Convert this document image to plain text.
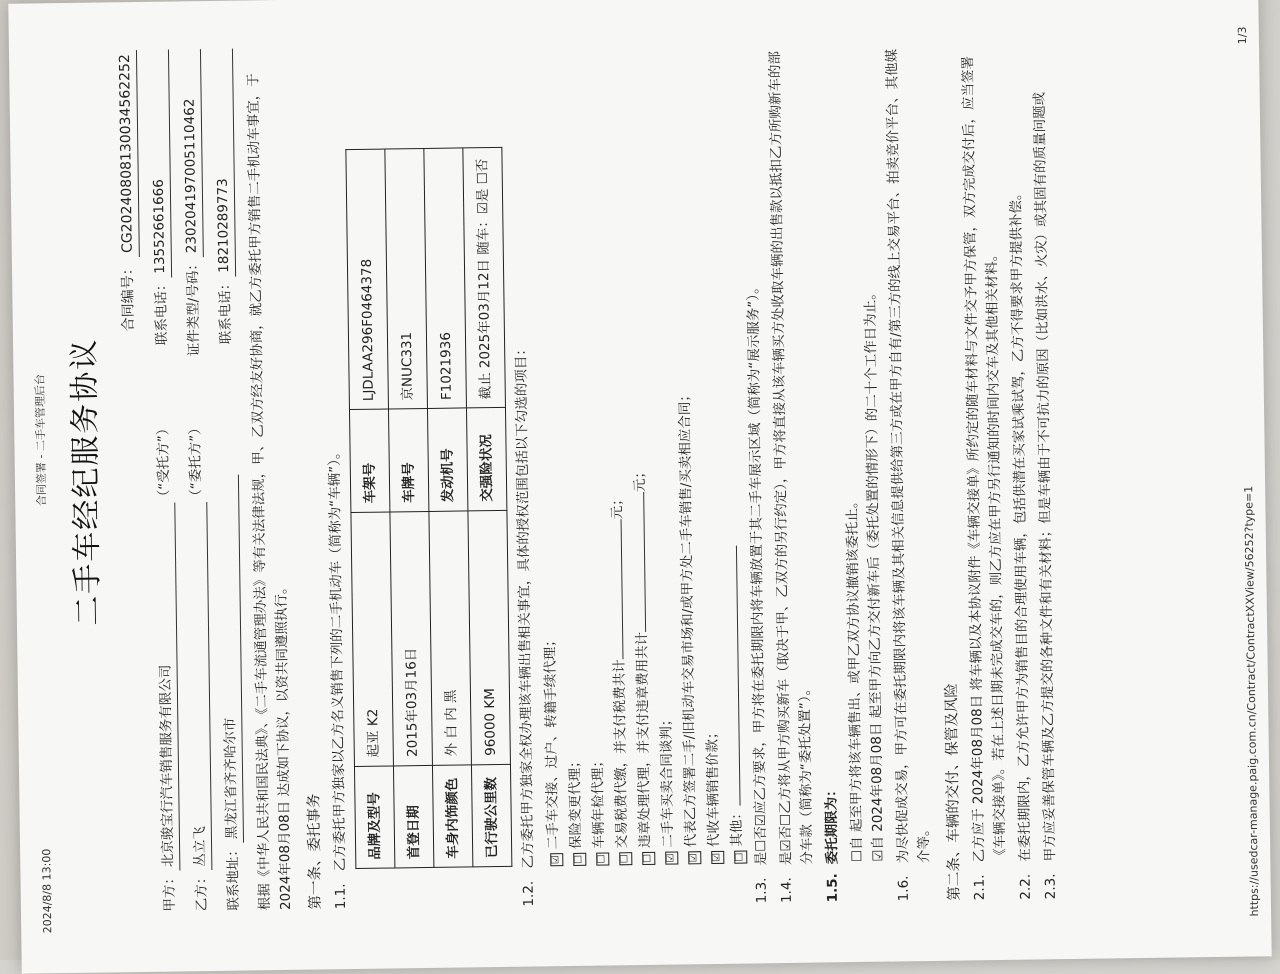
2024/8/8 13:00
合同签署 - 二手车管理后台 二手车经纪服务协议
合同编号： CG20240808130034562252
甲方：
北京骏宝行汽车销售服务有限公司
（“受托方”）
联系电话：
13552661666
乙方：
丛立飞
（“委托方”）
证件类型/号码：
230204197005110462
联系地址：
黑龙江省齐齐哈尔市
联系电话：
18210289773 根据《中华人民共和国民法典》、《二手车流通管理办法》等有关法律法规，甲、乙双方经友好协商，就乙方委托甲方销售二手机动车事宜，于 2024年08月08日 达成如下协议，以资共同遵照执行。 第一条、委托事务 1.1.
乙方委托甲方独家以乙方名义销售下列的二手机动车（简称为“车辆”）。 品牌及型号	起亚 K2	车架号	LJDLAA296F0464378
首登日期	2015年03月16日	车牌号	京NUC331
车身内饰颜色	外 白 内 黑	发动机号	F1021936
已行驶公里数	96000 KM	交强险状况	截止 2025年03月12日 随车：☑是 ☐否
1.2.
乙方委托甲方独家全权办理该车辆出售相关事宜，具体的授权范围包括以下勾选的项目：	☑二手车交接、过户、转籍手续代理；
☐保险变更代理；
☐车辆年检代理；
☐交易税费代缴，并支付税费共计元；
☐违章处理代理，并支付违章费用共计元；
☑二手车买卖合同谈判；
☑代表乙方签署二手/旧机动车交易市场和/或甲方处二手车销售/买卖相应合同；
☑代收车辆销售价款；
☐其他：
1.3.
是☐否☑应乙方要求，甲方将在委托期限内将车辆放置于其二手车展示区域（简称为“展示服务”）。
1.4.
是☑否☐乙方将从甲方购买新车（取决于甲、乙双方的另行约定），甲方将直接从该车辆买方处收取车辆的出售款以抵扣乙方所购新车的部分车款（简称为“委托处置”）。
1.5.
委托期限为： ☐自 起至甲方将该车辆售出、或甲乙双方协议撤销该委托止。
☑自 2024年08月08日 起至甲方向乙方交付新车后（委托处置的情形下）的二十个工作日为止。
1.6.
为尽快促成交易，甲方可在委托期限内将该车辆及其相关信息提供给第三方或在甲方自有/第三方的线上交易平台、拍卖竞价平台、其他媒介等。 第二条、车辆的交付、保管及风险 2.1.
乙方应于 2024年08月08日 将车辆以及本协议附件《车辆交接单》所约定的随车材料与文件交予甲方保管，双方完成交付后，应当签署《车辆交接单》。若在上述日期未完成交车的，则乙方应在甲方另行通知的时间内交车及其他相关材料。
2.2.
在委托期限内，乙方允许甲方为销售目的合理使用车辆，包括供潜在买家试乘试驾，乙方不得要求甲方提供补偿。
2.3.
甲方应妥善保管车辆及乙方提交的各种文件和有关材料；但是车辆由于不可抗力的原因（比如洪水、火灾）或其固有的质量问题或	https://usedcar-manage.paig.com.cn/Contract/ContractXXView/56252?type=1
1/3
